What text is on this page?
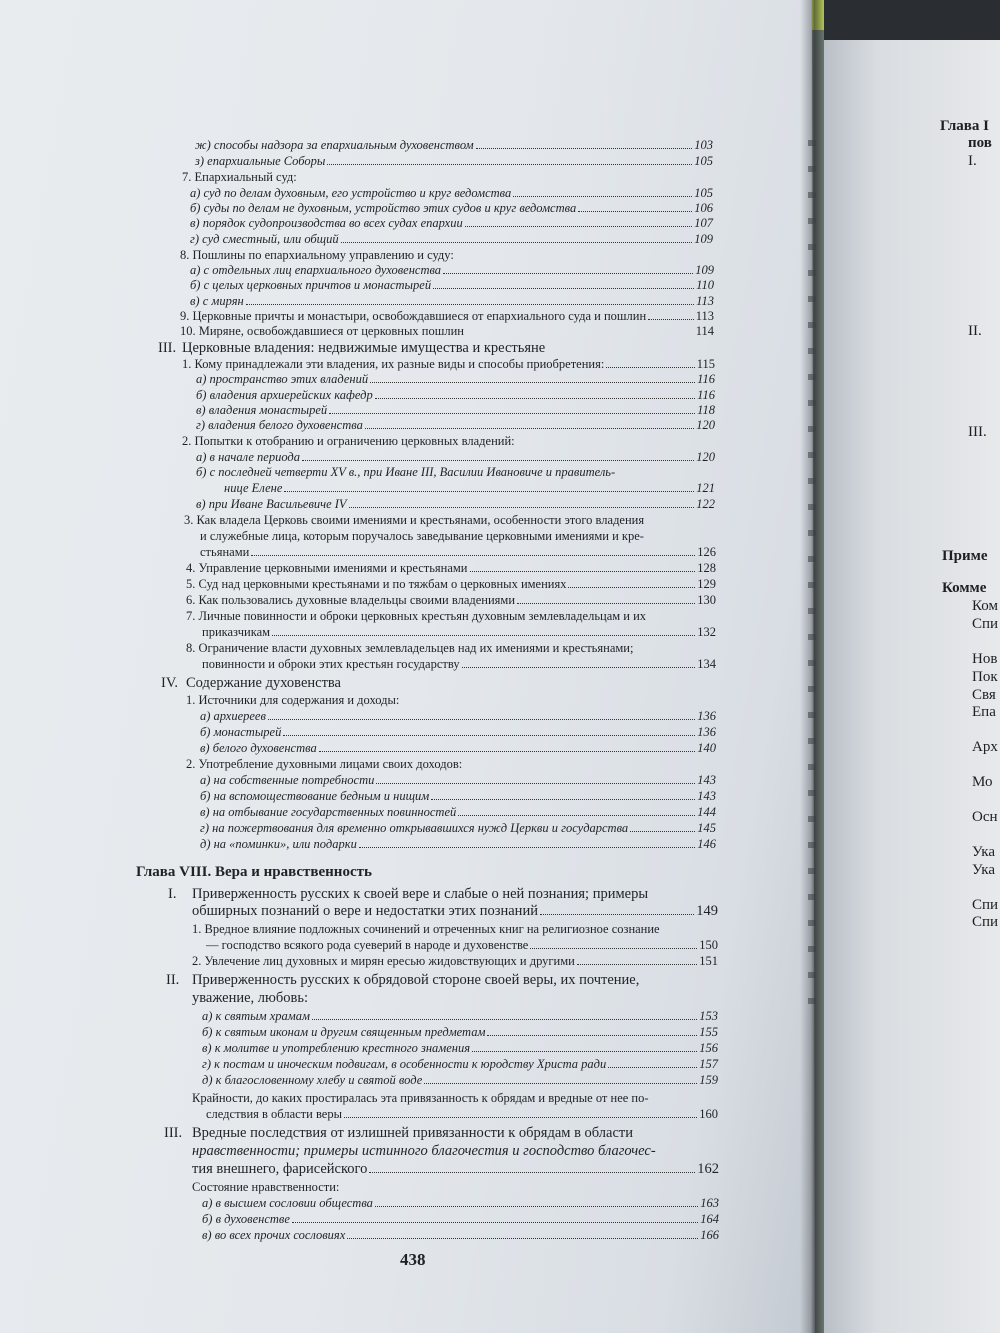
ж) способы надзора за епархиальным духовенством	103
з) епархиальные Соборы	105
7. Епархиальный суд:
а) суд по делам духовным, его устройство и круг ведомства	105
б) суды по делам не духовным, устройство этих судов и круг ведомства	106
в) порядок судопроизводства во всех судах епархии	107
г) суд сместный, или общий	109
8. Пошлины по епархиальному управлению и суду:
а) с отдельных лиц епархиального духовенства	109
б) с целых церковных причтов и монастырей	110
в) с мирян	113
9. Церковные причты и монастыри, освобождавшиеся от епархиального суда и пошлин	113
10. Миряне, освобождавшиеся от церковных пошлин	114
III. Церковные владения: недвижимые имущества и крестьяне
1. Кому принадлежали эти владения, их разные виды и способы приобретения:	115
а) пространство этих владений	116
б) владения архиерейских кафедр	116
в) владения монастырей	118
г) владения белого духовенства	120
2. Попытки к отобранию и ограничению церковных владений:
а) в начале периода	120
б) с последней четверти XV в., при Иване III, Василии Ивановиче и правитель-
нице Елене	121
в) при Иване Васильевиче IV	122
3. Как владела Церковь своими имениями и крестьянами, особенности этого владения
и служебные лица, которым поручалось заведывание церковными имениями и кре-
стьянами	126
4. Управление церковными имениями и крестьянами	128
5. Суд над церковными крестьянами и по тяжбам о церковных имениях	129
6. Как пользовались духовные владельцы своими владениями	130
7. Личные повинности и оброки церковных крестьян духовным землевладельцам и их
приказчикам	132
8. Ограничение власти духовных землевладельцев над их имениями и крестьянами;
повинности и оброки этих крестьян государству	134
IV. Содержание духовенства
1. Источники для содержания и доходы:
а) архиереев	136
б) монастырей	136
в) белого духовенства	140
2. Употребление духовными лицами своих доходов:
а) на собственные потребности	143
б) на вспомоществование бедным и нищим	143
в) на отбывание государственных повинностей	144
г) на пожертвования для временно открывавшихся нужд Церкви и государства	145
д) на «поминки», или подарки	146
Глава VIII. Вера и нравственность
I. Приверженность русских к своей вере и слабые о ней познания; примеры
обширных познаний о вере и недостатки этих познаний	149
1. Вредное влияние подложных сочинений и отреченных книг на религиозное сознание
— господство всякого рода суеверий в народе и духовенстве	150
2. Увлечение лиц духовных и мирян ересью жидовствующих и другими	151
II. Приверженность русских к обрядовой стороне своей веры, их почтение,
уважение, любовь:
а) к святым храмам	153
б) к святым иконам и другим священным предметам	155
в) к молитве и употреблению крестного знамения	156
г) к постам и иноческим подвигам, в особенности к юродству Христа ради	157
д) к благословенному хлебу и святой воде	159
Крайности, до каких простиралась эта привязанность к обрядам и вредные от нее по-
следствия в области веры	160
III. Вредные последствия от излишней привязанности к обрядам в области
нравственности; примеры истинного благочестия и господство благочес-
тия внешнего, фарисейского	162
Состояние нравственности:
а) в высшем сословии общества	163
б) в духовенстве	164
в) во всех прочих сословиях	166
438
Глава I
пов
I.
II.
III.
Приме
Комме
Ком
Спи
Нов
Пок
Свя
Епа
Арх
Мо
Осн
Ука
Ука
Спи
Спи
